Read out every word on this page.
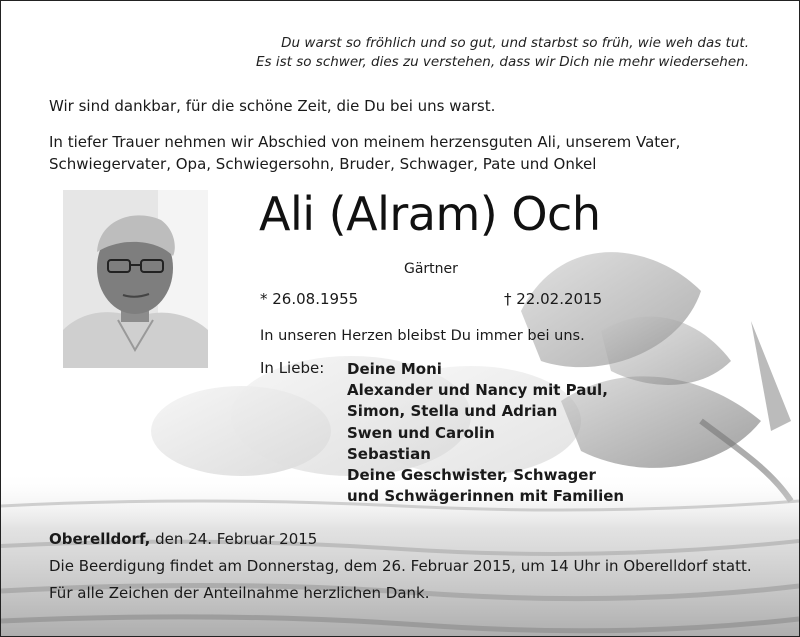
Du warst so fröhlich und so gut, und starbst so früh, wie weh das tut.
Es ist so schwer, dies zu verstehen, dass wir Dich nie mehr wiedersehen.
Wir sind dankbar, für die schöne Zeit, die Du bei uns warst.
In tiefer Trauer nehmen wir Abschied von meinem herzensguten Ali, unserem Vater,
Schwiegervater, Opa, Schwiegersohn, Bruder, Schwager, Pate und Onkel
Ali (Alram) Och
Gärtner
* 26.08.1955	† 22.02.2015
In unseren Herzen bleibst Du immer bei uns.
In Liebe: Deine Moni
Alexander und Nancy mit Paul,
Simon, Stella und Adrian
Swen und Carolin
Sebastian
Deine Geschwister, Schwager
und Schwägerinnen mit Familien
Oberelldorf, den 24. Februar 2015
Die Beerdigung findet am Donnerstag, dem 26. Februar 2015, um 14 Uhr in Oberelldorf statt.
Für alle Zeichen der Anteilnahme herzlichen Dank.
